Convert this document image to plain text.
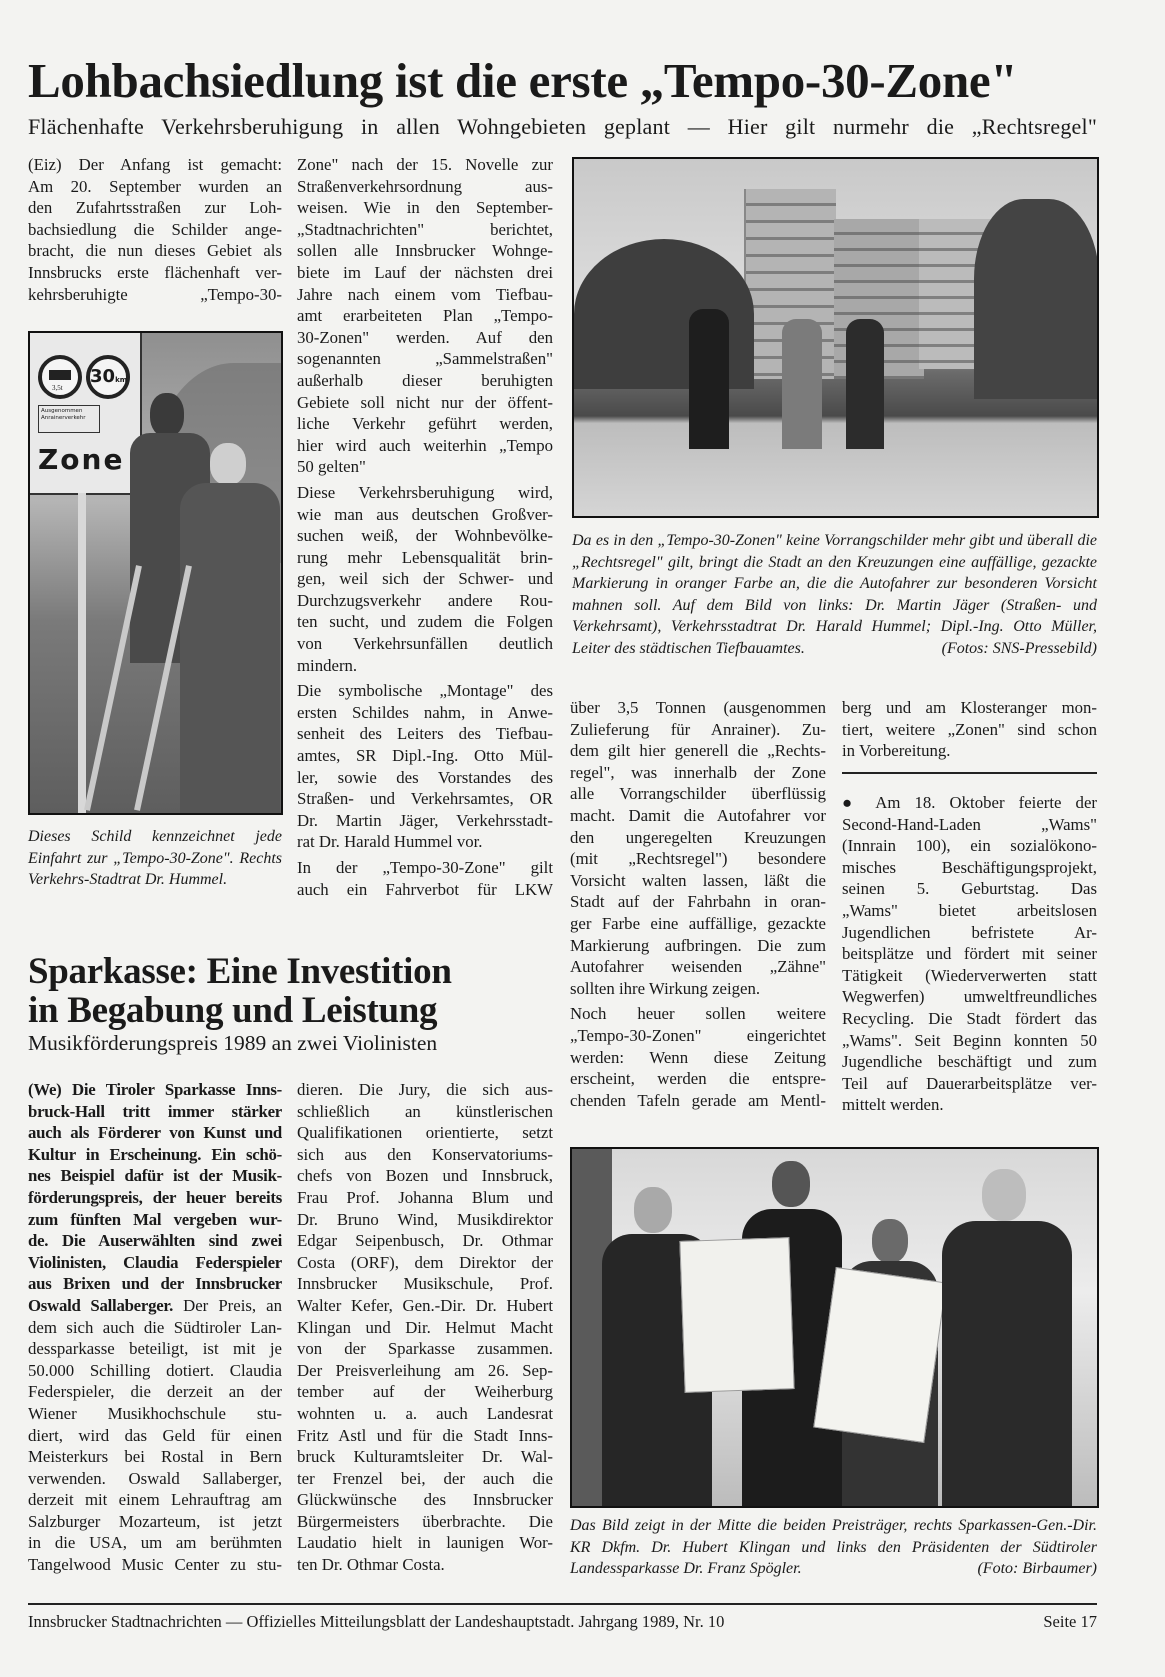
Lohbachsiedlung ist die erste „Tempo-30-Zone"
Flächenhafte Verkehrsberuhigung in allen Wohngebieten geplant — Hier gilt nurmehr die „Rechtsregel"
(Eiz) Der Anfang ist gemacht:
Am 20. September wurden an
den Zufahrtsstraßen zur Loh-
bachsiedlung die Schilder ange-
bracht, die nun dieses Gebiet als
Innsbrucks erste flächenhaft ver-
kehrsberuhigte „Tempo-30-
Zone" nach der 15. Novelle zur
Straßenverkehrsordnung aus-
weisen. Wie in den September-
„Stadtnachrichten" berichtet,
sollen alle Innsbrucker Wohnge-
biete im Lauf der nächsten drei
Jahre nach einem vom Tiefbau-
amt erarbeiteten Plan „Tempo-
30-Zonen" werden. Auf den
sogenannten „Sammelstraßen"
außerhalb dieser beruhigten
Gebiete soll nicht nur der öffent-
liche Verkehr geführt werden,
hier wird auch weiterhin „Tempo
50 gelten"
Diese Verkehrsberuhigung wird,
wie man aus deutschen Großver-
suchen weiß, der Wohnbevölke-
rung mehr Lebensqualität brin-
gen, weil sich der Schwer- und
Durchzugsverkehr andere Rou-
ten sucht, und zudem die Folgen
von Verkehrsunfällen deutlich
mindern.
Die symbolische „Montage" des
ersten Schildes nahm, in Anwe-
senheit des Leiters des Tiefbau-
amtes, SR Dipl.-Ing. Otto Mül-
ler, sowie des Vorstandes des
Straßen- und Verkehrsamtes, OR
Dr. Martin Jäger, Verkehrsstadt-
rat Dr. Harald Hummel vor.
In der „Tempo-30-Zone" gilt
auch ein Fahrverbot für LKW
über 3,5 Tonnen (ausgenommen
Zulieferung für Anrainer). Zu-
dem gilt hier generell die „Rechts-
regel", was innerhalb der Zone
alle Vorrangschilder überflüssig
macht. Damit die Autofahrer vor
den ungeregelten Kreuzungen
(mit „Rechtsregel") besondere
Vorsicht walten lassen, läßt die
Stadt auf der Fahrbahn in oran-
ger Farbe eine auffällige, gezackte
Markierung aufbringen. Die zum
Autofahrer weisenden „Zähne"
sollten ihre Wirkung zeigen.
Noch heuer sollen weitere
„Tempo-30-Zonen" eingerichtet
werden: Wenn diese Zeitung
erscheint, werden die entspre-
chenden Tafeln gerade am Mentl-
berg und am Klosteranger mon-
tiert, weitere „Zonen" sind schon
in Vorbereitung.
● Am 18. Oktober feierte der
Second-Hand-Laden „Wams"
(Innrain 100), ein sozialökono-
misches Beschäftigungsprojekt,
seinen 5. Geburtstag. Das
„Wams" bietet arbeitslosen
Jugendlichen befristete Ar-
beitsplätze und fördert mit seiner
Tätigkeit (Wiederverwerten statt
Wegwerfen) umweltfreundliches
Recycling. Die Stadt fördert das
„Wams". Seit Beginn konnten 50
Jugendliche beschäftigt und zum
Teil auf Dauerarbeitsplätze ver-
mittelt werden.
3,5t
30km
Ausgenommen Anrainerverkehr
Zone
Dieses Schild kennzeichnet jede Einfahrt zur „Tempo-30-Zone". Rechts Verkehrs-Stadtrat Dr. Hummel.
Da es in den „Tempo-30-Zonen" keine Vorrangschilder mehr gibt und überall die „Rechtsregel" gilt, bringt die Stadt an den Kreuzungen eine auffällige, gezackte Markierung in oranger Farbe an, die die Autofahrer zur besonderen Vorsicht mahnen soll. Auf dem Bild von links: Dr. Martin Jäger (Straßen- und Verkehrsamt), Verkehrsstadtrat Dr. Harald Hummel; Dipl.-Ing. Otto Müller, Leiter des städtischen Tiefbauamtes.	(Fotos: SNS-Pressebild)
Sparkasse: Eine Investition
in Begabung und Leistung
Musikförderungspreis 1989 an zwei Violinisten
(We) Die Tiroler Sparkasse Inns-
bruck-Hall tritt immer stärker
auch als Förderer von Kunst und
Kultur in Erscheinung. Ein schö-
nes Beispiel dafür ist der Musik-
förderungspreis, der heuer bereits
zum fünften Mal vergeben wur-
de. Die Auserwählten sind zwei
Violinisten, Claudia Federspieler
aus Brixen und der Innsbrucker
Oswald Sallaberger. Der Preis, an
dem sich auch die Südtiroler Lan-
dessparkasse beteiligt, ist mit je
50.000 Schilling dotiert. Claudia
Federspieler, die derzeit an der
Wiener Musikhochschule stu-
diert, wird das Geld für einen
Meisterkurs bei Rostal in Bern
verwenden. Oswald Sallaberger,
derzeit mit einem Lehrauftrag am
Salzburger Mozarteum, ist jetzt
in die USA, um am berühmten
Tangelwood Music Center zu stu-
dieren. Die Jury, die sich aus-
schließlich an künstlerischen
Qualifikationen orientierte, setzt
sich aus den Konservatoriums-
chefs von Bozen und Innsbruck,
Frau Prof. Johanna Blum und
Dr. Bruno Wind, Musikdirektor
Edgar Seipenbusch, Dr. Othmar
Costa (ORF), dem Direktor der
Innsbrucker Musikschule, Prof.
Walter Kefer, Gen.-Dir. Dr. Hubert
Klingan und Dir. Helmut Macht
von der Sparkasse zusammen.
Der Preisverleihung am 26. Sep-
tember auf der Weiherburg
wohnten u. a. auch Landesrat
Fritz Astl und für die Stadt Inns-
bruck Kulturamtsleiter Dr. Wal-
ter Frenzel bei, der auch die
Glückwünsche des Innsbrucker
Bürgermeisters überbrachte. Die
Laudatio hielt in launigen Wor-
ten Dr. Othmar Costa.
Das Bild zeigt in der Mitte die beiden Preisträger, rechts Sparkassen-Gen.-Dir. KR Dkfm. Dr. Hubert Klingan und links den Präsidenten der Südtiroler Landessparkasse Dr. Franz Spögler.	(Foto: Birbaumer)
Innsbrucker Stadtnachrichten — Offizielles Mitteilungsblatt der Landeshauptstadt. Jahrgang 1989, Nr. 10	Seite 17
